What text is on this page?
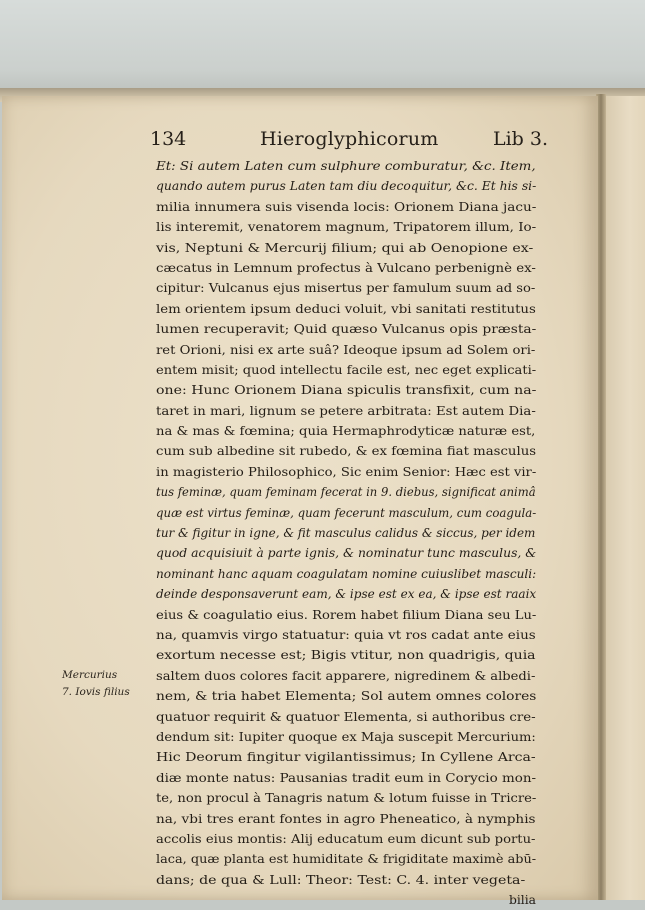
134	Hieroglyphicorum	Lib 3.
Mercurius
7. Iovis filius
Et: Si autem Laten cum sulphure comburatur, &c. Item,
quando autem purus Laten tam diu decoquitur, &c. Et his si-
milia innumera suis visenda locis: Orionem Diana jacu-
lis interemit, venatorem magnum, Tripatorem illum, Io-
vis, Neptuni & Mercurij filium; qui ab Oenopione ex-
cæcatus in Lemnum profectus à Vulcano perbenignè ex-
cipitur: Vulcanus ejus misertus per famulum suum ad so-
lem orientem ipsum deduci voluit, vbi sanitati restitutus
lumen recuperavit; Quid quæso Vulcanus opis præsta-
ret Orioni, nisi ex arte suâ? Ideoque ipsum ad Solem ori-
entem misit; quod intellectu facile est, nec eget explicati-
one: Hunc Orionem Diana spiculis transfixit, cum na-
taret in mari, lignum se petere arbitrata: Est autem Dia-
na & mas & fœmina; quia Hermaphrodyticæ naturæ est,
cum sub albedine sit rubedo, & ex fœmina fiat masculus
in magisterio Philosophico, Sic enim Senior: Hæc est vir-
tus feminæ, quam feminam fecerat in 9. diebus, significat animâ
quæ est virtus feminæ, quam fecerunt masculum, cum coagula-
tur & figitur in igne, & fit masculus calidus & siccus, per idem
quod acquisiuit à parte ignis, & nominatur tunc masculus, &
nominant hanc aquam coagulatam nomine cuiuslibet masculi:
deinde desponsaverunt eam, & ipse est ex ea, & ipse est raaix
eius & coagulatio eius. Rorem habet filium Diana seu Lu-
na, quamvis virgo statuatur: quia vt ros cadat ante eius
exortum necesse est; Bigis vtitur, non quadrigis, quia
saltem duos colores facit apparere, nigredinem & albedi-
nem, & tria habet Elementa; Sol autem omnes colores
quatuor requirit & quatuor Elementa, si authoribus cre-
dendum sit: Iupiter quoque ex Maja suscepit Mercurium:
Hic Deorum fingitur vigilantissimus; In Cyllene Arca-
diæ monte natus: Pausanias tradit eum in Corycio mon-
te, non procul à Tanagris natum & lotum fuisse in Tricre-
na, vbi tres erant fontes in agro Pheneatico, à nymphis
accolis eius montis: Alij educatum eum dicunt sub portu-
laca, quæ planta est humiditate & frigiditate maximè abū-
dans; de qua & Lull: Theor: Test: C. 4. inter vegeta-
bilia
